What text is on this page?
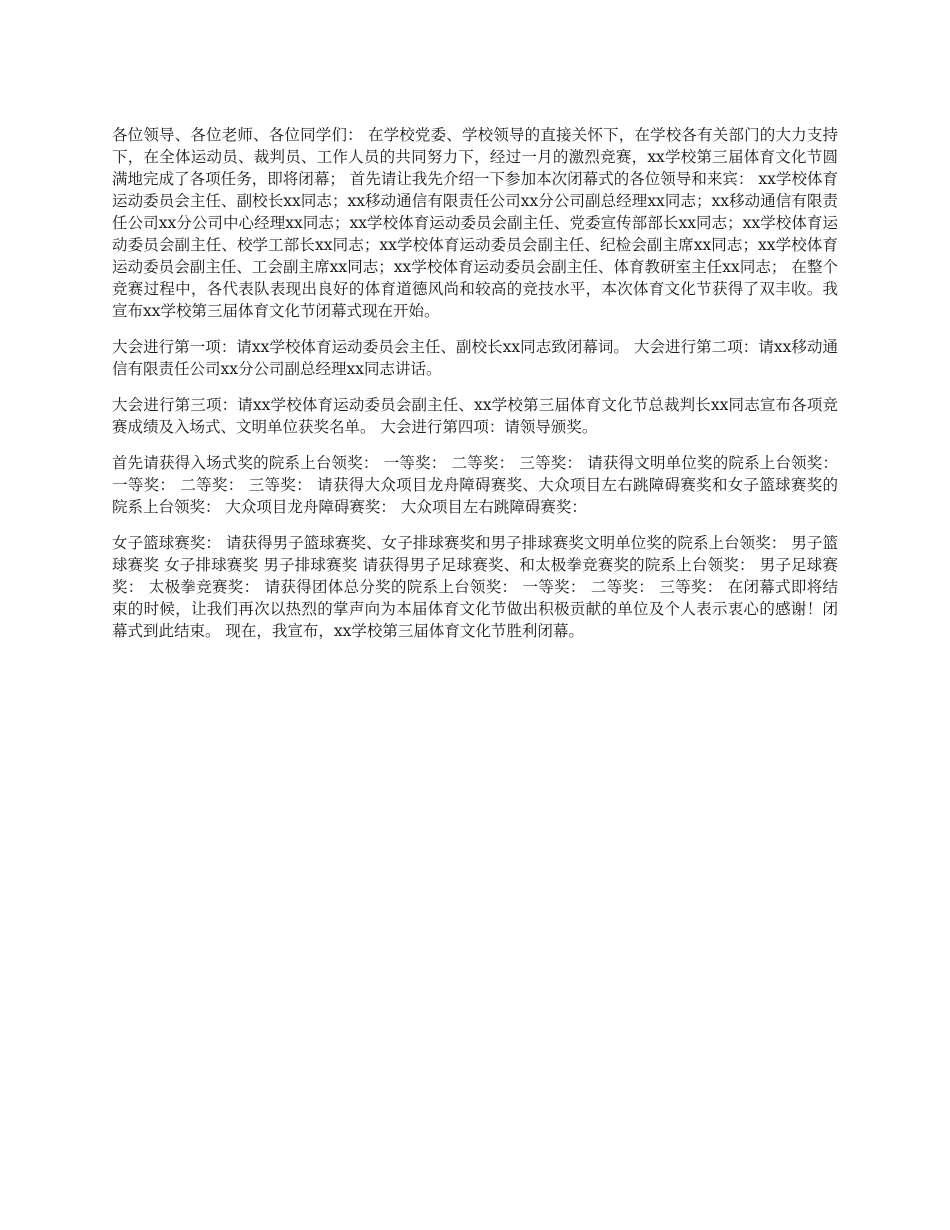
各位领导、各位老师、各位同学们： 在学校党委、学校领导的直接关怀下，在学校各有关部门的大力支持下，在全体运动员、裁判员、工作人员的共同努力下，经过一月的激烈竞赛，xx学校第三届体育文化节圆满地完成了各项任务，即将闭幕； 首先请让我先介绍一下参加本次闭幕式的各位领导和来宾： xx学校体育运动委员会主任、副校长xx同志；xx移动通信有限责任公司xx分公司副总经理xx同志；xx移动通信有限责任公司xx分公司中心经理xx同志；xx学校体育运动委员会副主任、党委宣传部部长xx同志；xx学校体育运动委员会副主任、校学工部长xx同志；xx学校体育运动委员会副主任、纪检会副主席xx同志；xx学校体育 运动委员会副主任、工会副主席xx同志；xx学校体育运动委员会副主任、体育教研室主任xx同志； 在整个竞赛过程中，各代表队表现出良好的体育道德风尚和较高的竞技水平，本次体育文化节获得了双丰收。我宣布xx学校第三届体育文化节闭幕式现在开始。

大会进行第一项：请xx学校体育运动委员会主任、副校长xx同志致闭幕词。 大会进行第二项：请xx移动通信有限责任公司xx分公司副总经理xx同志讲话。

大会进行第三项：请xx学校体育运动委员会副主任、xx学校第三届体育文化节总裁判长xx同志宣布各项竞赛成绩及入场式、文明单位获奖名单。 大会进行第四项：请领导颁奖。

首先请获得入场式奖的院系上台领奖： 一等奖： 二等奖： 三等奖： 请获得文明单位奖的院系上台领奖： 一等奖： 二等奖： 三等奖： 请获得大众项目龙舟障碍赛奖、大众项目左右跳障碍赛奖和女子篮球赛奖的院系上台领奖： 大众项目龙舟障碍赛奖： 大众项目左右跳障碍赛奖：

女子篮球赛奖： 请获得男子篮球赛奖、女子排球赛奖和男子排球赛奖文明单位奖的院系上台领奖： 男子篮球赛奖 女子排球赛奖 男子排球赛奖 请获得男子足球赛奖、和太极拳竞赛奖的院系上台领奖： 男子足球赛奖： 太极拳竞赛奖： 请获得团体总分奖的院系上台领奖： 一等奖： 二等奖： 三等奖： 在闭幕式即将结束的时候，让我们再次以热烈的掌声向为本届体育文化节做出积极贡献的单位及个人表示衷心的感谢！闭幕式到此结束。 现在，我宣布，xx学校第三届体育文化节胜利闭幕。
